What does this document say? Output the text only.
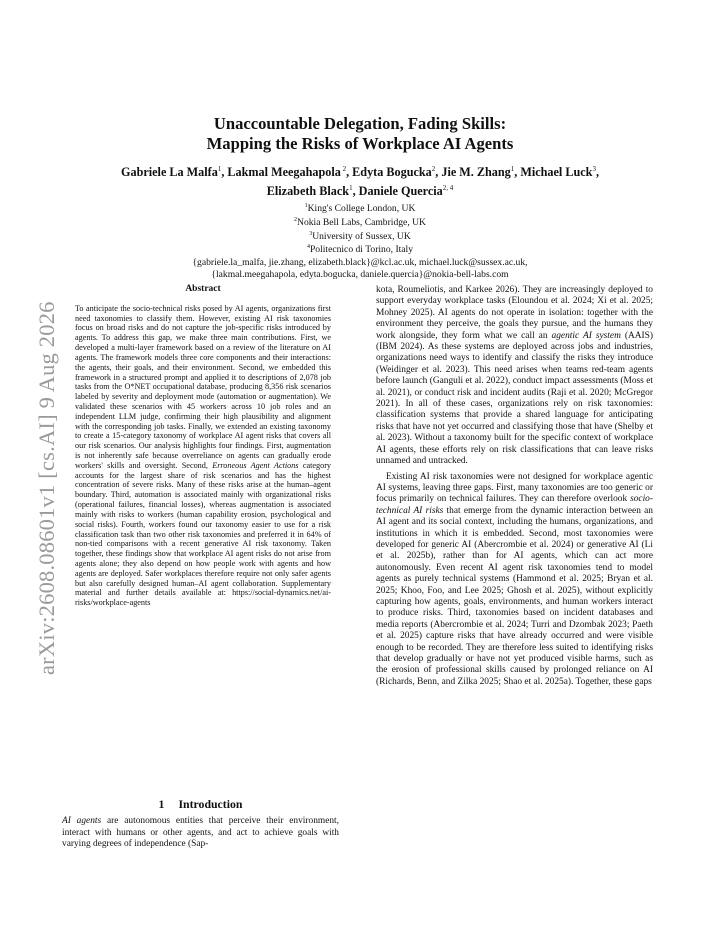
arXiv:2608.08601v1 [cs.AI] 9 Aug 2026
Unaccountable Delegation, Fading Skills:
Mapping the Risks of Workplace AI Agents
Gabriele La Malfa$^1$, Lakmal Meegahapola $^2$, Edyta Bogucka$^2$, Jie M. Zhang$^1$, Michael Luck$^3$,
Elizabeth Black$^1$, Daniele Quercia$^{2, 4}$
$^1$King's College London, UK
$^2$Nokia Bell Labs, Cambridge, UK
$^3$University of Sussex, UK
$^4$Politecnico di Torino, Italy
{gabriele.la_malfa, jie.zhang, elizabeth.black}@kcl.ac.uk, michael.luck@sussex.ac.uk,
{lakmal.meegahapola, edyta.bogucka, daniele.quercia}@nokia-bell-labs.com
Abstract

To anticipate the socio-technical risks posed by AI agents, organizations first need taxonomies to classify them. However, existing AI risk taxonomies focus on broad risks and do not capture the job-specific risks introduced by agents. To address this gap, we make three main contributions. First, we developed a multi-layer framework based on a review of the literature on AI agents. The framework models three core components and their interactions: the agents, their goals, and their environment. Second, we embedded this framework in a structured prompt and applied it to descriptions of 2,078 job tasks from the O*NET occupational database, producing 8,356 risk scenarios labeled by severity and deployment mode (automation or augmentation). We validated these scenarios with 45 workers across 10 job roles and an independent LLM judge, confirming their high plausibility and alignment with the corresponding job tasks. Finally, we extended an existing taxonomy to create a 15-category taxonomy of workplace AI agent risks that covers all our risk scenarios. Our analysis highlights four findings. First, augmentation is not inherently safe because overreliance on agents can gradually erode workers' skills and oversight. Second, Erroneous Agent Actions category accounts for the largest share of risk scenarios and has the highest concentration of severe risks. Many of these risks arise at the human–agent boundary. Third, automation is associated mainly with organizational risks (operational failures, financial losses), whereas augmentation is associated mainly with risks to workers (human capability erosion, psychological and social risks). Fourth, workers found our taxonomy easier to use for a risk classification task than two other risk taxonomies and preferred it in 64% of non-tied comparisons with a recent generative AI risk taxonomy. Taken together, these findings show that workplace AI agent risks do not arise from agents alone; they also depend on how people work with agents and how agents are deployed. Safer workplaces therefore require not only safer agents but also carefully designed human–AI agent collaboration. Supplementary material and further details available at: https://social-dynamics.net/ai-risks/workplace-agents

1 Introduction

AI agents are autonomous entities that perceive their environment, interact with humans or other agents, and act to achieve goals with varying degrees of independence (Sap-

kota, Roumeliotis, and Karkee 2026). They are increasingly deployed to support everyday workplace tasks (Eloundou et al. 2024; Xi et al. 2025; Mohney 2025). AI agents do not operate in isolation: together with the environment they perceive, the goals they pursue, and the humans they work alongside, they form what we call an agentic AI system (AAIS) (IBM 2024). As these systems are deployed across jobs and industries, organizations need ways to identify and classify the risks they introduce (Weidinger et al. 2023). This need arises when teams red-team agents before launch (Ganguli et al. 2022), conduct impact assessments (Moss et al. 2021), or conduct risk and incident audits (Raji et al. 2020; McGregor 2021). In all of these cases, organizations rely on risk taxonomies: classification systems that provide a shared language for anticipating risks that have not yet occurred and classifying those that have (Shelby et al. 2023). Without a taxonomy built for the specific context of workplace AI agents, these efforts rely on risk classifications that can leave risks unnamed and untracked.

Existing AI risk taxonomies were not designed for workplace agentic AI systems, leaving three gaps. First, many taxonomies are too generic or focus primarily on technical failures. They can therefore overlook socio-technical AI risks that emerge from the dynamic interaction between an AI agent and its social context, including the humans, organizations, and institutions in which it is embedded. Second, most taxonomies were developed for generic AI (Abercrombie et al. 2024) or generative AI (Li et al. 2025b), rather than for AI agents, which can act more autonomously. Even recent AI agent risk taxonomies tend to model agents as purely technical systems (Hammond et al. 2025; Bryan et al. 2025; Khoo, Foo, and Lee 2025; Ghosh et al. 2025), without explicitly capturing how agents, goals, environments, and human workers interact to produce risks. Third, taxonomies based on incident databases and media reports (Abercrombie et al. 2024; Turri and Dzombak 2023; Paeth et al. 2025) capture risks that have already occurred and were visible enough to be recorded. They are therefore less suited to identifying risks that develop gradually or have not yet produced visible harms, such as the erosion of professional skills caused by prolonged reliance on AI (Richards, Benn, and Zilka 2025; Shao et al. 2025a). Together, these gaps
